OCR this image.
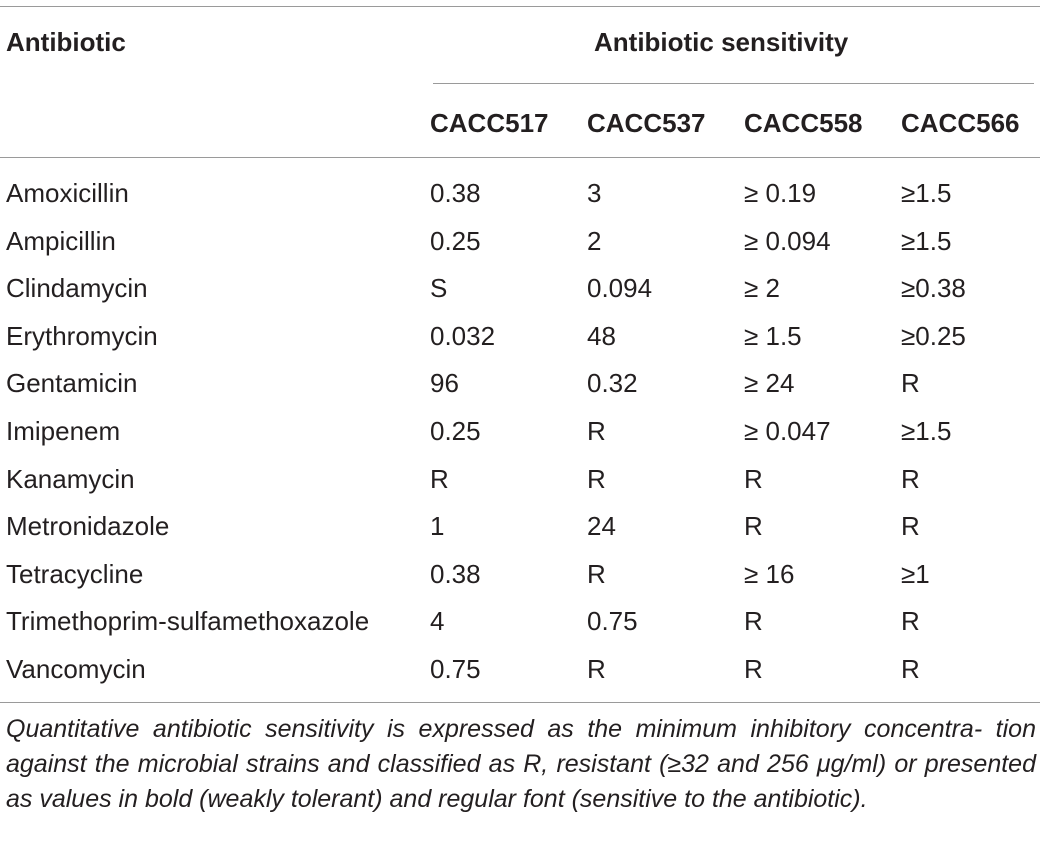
Antibiotic	Antibiotic sensitivity
CACC517 CACC537 CACC558 CACC566
Amoxicillin	0.38	3	≥ 0.19	≥1.5
Ampicillin	0.25	2	≥ 0.094	≥1.5
Clindamycin	S	0.094	≥ 2	≥0.38
Erythromycin	0.032	48	≥ 1.5	≥0.25
Gentamicin	96	0.32	≥ 24	R
Imipenem	0.25	R	≥ 0.047	≥1.5
Kanamycin	R	R	R	R
Metronidazole	1	24	R	R
Tetracycline	0.38	R	≥ 16	≥1
Trimethoprim-sulfamethoxazole 4	0.75	R	R
Vancomycin	0.75	R	R	R
Quantitative antibiotic sensitivity is expressed as the minimum inhibitory concentra- tion against the microbial strains and classified as R, resistant (≥32 and 256 μg/ml) or presented as values in bold (weakly tolerant) and regular font (sensitive to the antibiotic).
